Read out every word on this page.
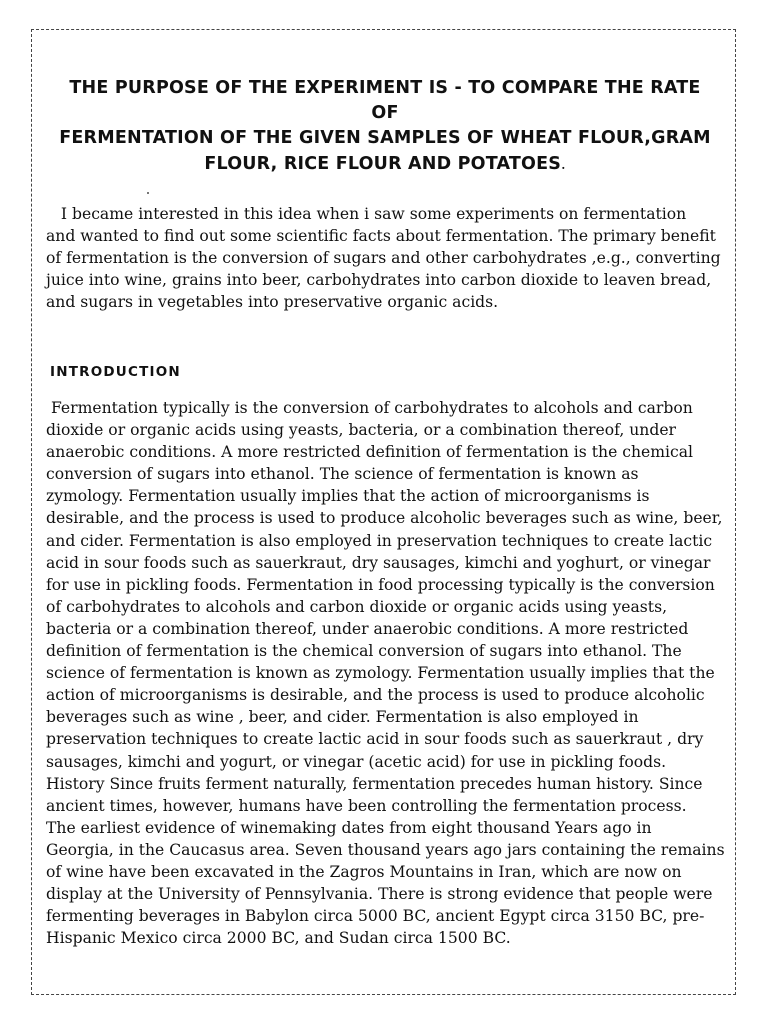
THE PURPOSE OF THE EXPERIMENT IS - TO COMPARE THE RATE OF
FERMENTATION OF THE GIVEN SAMPLES OF WHEAT FLOUR,GRAM
FLOUR, RICE FLOUR AND POTATOES.
I became interested in this idea when i saw some experiments on fermentation
and wanted to find out some scientific facts about fermentation. The primary benefit
of fermentation is the conversion of sugars and other carbohydrates ,e.g., converting
juice into wine, grains into beer, carbohydrates into carbon dioxide to leaven bread,
and sugars in vegetables into preservative organic acids.
INTRODUCTION
Fermentation typically is the conversion of carbohydrates to alcohols and carbon
dioxide or organic acids using yeasts, bacteria, or a combination thereof, under
anaerobic conditions. A more restricted definition of fermentation is the chemical
conversion of sugars into ethanol. The science of fermentation is known as
zymology. Fermentation usually implies that the action of microorganisms is
desirable, and the process is used to produce alcoholic beverages such as wine, beer,
and cider. Fermentation is also employed in preservation techniques to create lactic
acid in sour foods such as sauerkraut, dry sausages, kimchi and yoghurt, or vinegar
for use in pickling foods. Fermentation in food processing typically is the conversion
of carbohydrates to alcohols and carbon dioxide or organic acids using yeasts,
bacteria or a combination thereof, under anaerobic conditions. A more restricted
definition of fermentation is the chemical conversion of sugars into ethanol. The
science of fermentation is known as zymology. Fermentation usually implies that the
action of microorganisms is desirable, and the process is used to produce alcoholic
beverages such as wine , beer, and cider. Fermentation is also employed in
preservation techniques to create lactic acid in sour foods such as sauerkraut , dry
sausages, kimchi and yogurt, or vinegar (acetic acid) for use in pickling foods.
History Since fruits ferment naturally, fermentation precedes human history. Since
ancient times, however, humans have been controlling the fermentation process.
The earliest evidence of winemaking dates from eight thousand Years ago in
Georgia, in the Caucasus area. Seven thousand years ago jars containing the remains
of wine have been excavated in the Zagros Mountains in Iran, which are now on
display at the University of Pennsylvania. There is strong evidence that people were
fermenting beverages in Babylon circa 5000 BC, ancient Egypt circa 3150 BC, pre-
Hispanic Mexico circa 2000 BC, and Sudan circa 1500 BC.
